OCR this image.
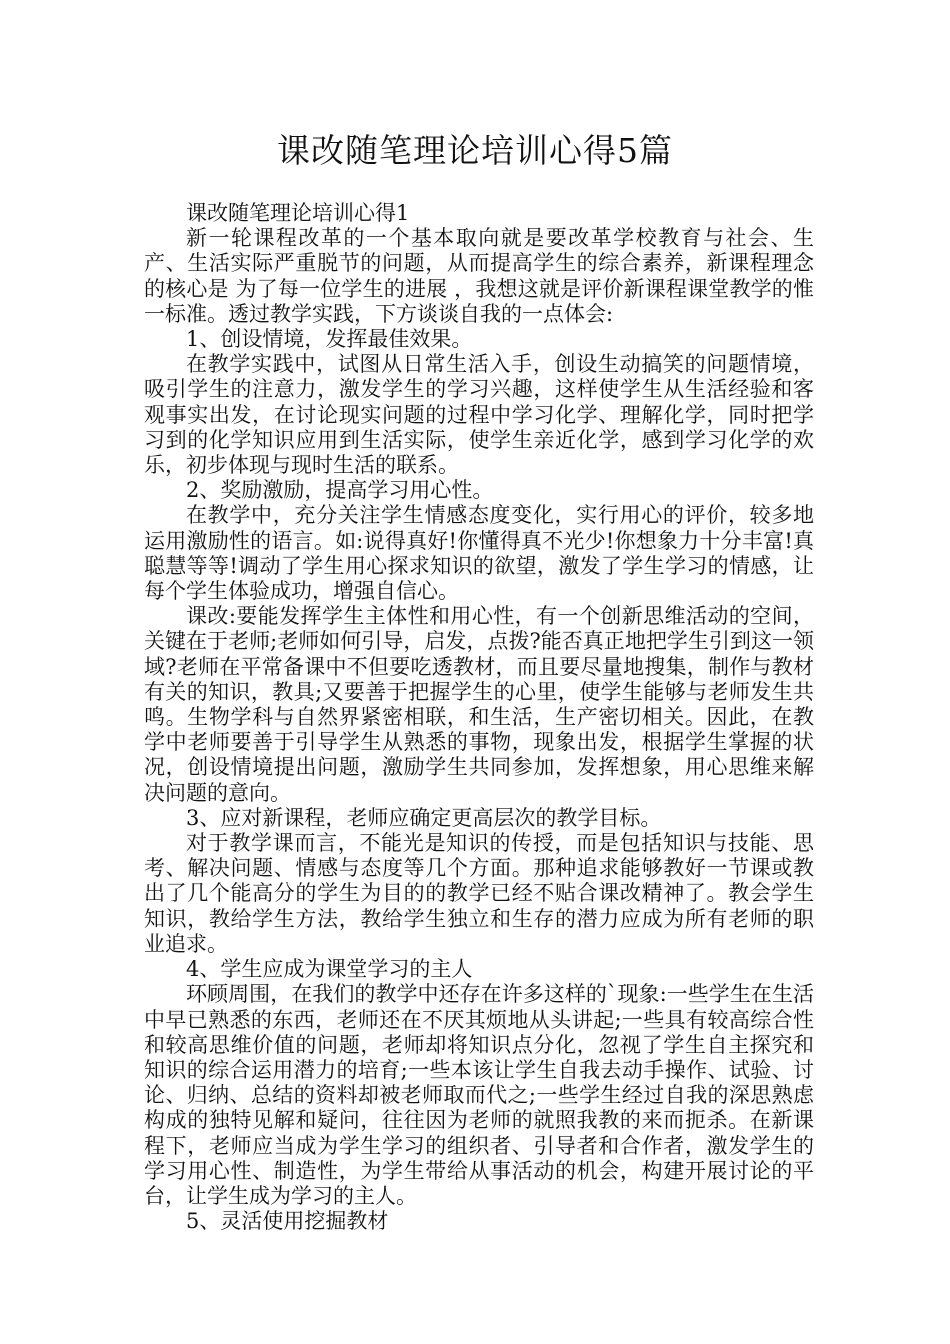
课改随笔理论培训心得5篇

课改随笔理论培训心得1

新一轮课程改革的一个基本取向就是要改革学校教育与社会、生产、生活实际严重脱节的问题，从而提高学生的综合素养，新课程理念的核心是 为了每一位学生的进展 ，我想这就是评价新课程课堂教学的惟一标准。透过教学实践，下方谈谈自我的一点体会:

1、创设情境，发挥最佳效果。

在教学实践中，试图从日常生活入手，创设生动搞笑的问题情境，吸引学生的注意力，激发学生的学习兴趣，这样使学生从生活经验和客观事实出发，在讨论现实问题的过程中学习化学、理解化学，同时把学习到的化学知识应用到生活实际，使学生亲近化学，感到学习化学的欢乐，初步体现与现时生活的联系。

2、奖励激励，提高学习用心性。

在教学中，充分关注学生情感态度变化，实行用心的评价，较多地运用激励性的语言。如:说得真好!你懂得真不光少!你想象力十分丰富!真聪慧等等!调动了学生用心探求知识的欲望，激发了学生学习的情感，让每个学生体验成功，增强自信心。

课改:要能发挥学生主体性和用心性，有一个创新思维活动的空间，关键在于老师;老师如何引导，启发，点拨?能否真正地把学生引到这一领域?老师在平常备课中不但要吃透教材，而且要尽量地搜集，制作与教材有关的知识，教具;又要善于把握学生的心里，使学生能够与老师发生共鸣。生物学科与自然界紧密相联，和生活，生产密切相关。因此，在教学中老师要善于引导学生从熟悉的事物，现象出发，根据学生掌握的状况，创设情境提出问题，激励学生共同参加，发挥想象，用心思维来解决问题的意向。

3、应对新课程，老师应确定更高层次的教学目标。

对于教学课而言，不能光是知识的传授，而是包括知识与技能、思考、解决问题、情感与态度等几个方面。那种追求能够教好一节课或教出了几个能高分的学生为目的的教学已经不贴合课改精神了。教会学生知识，教给学生方法，教给学生独立和生存的潜力应成为所有老师的职业追求。

4、学生应成为课堂学习的主人

环顾周围，在我们的教学中还存在许多这样的`现象:一些学生在生活中早已熟悉的东西，老师还在不厌其烦地从头讲起;一些具有较高综合性和较高思维价值的问题，老师却将知识点分化，忽视了学生自主探究和知识的综合运用潜力的培育;一些本该让学生自我去动手操作、试验、讨论、归纳、总结的资料却被老师取而代之;一些学生经过自我的深思熟虑构成的独特见解和疑问，往往因为老师的就照我教的来而扼杀。在新课程下，老师应当成为学生学习的组织者、引导者和合作者，激发学生的学习用心性、制造性，为学生带给从事活动的机会，构建开展讨论的平台，让学生成为学习的主人。

5、灵活使用挖掘教材
